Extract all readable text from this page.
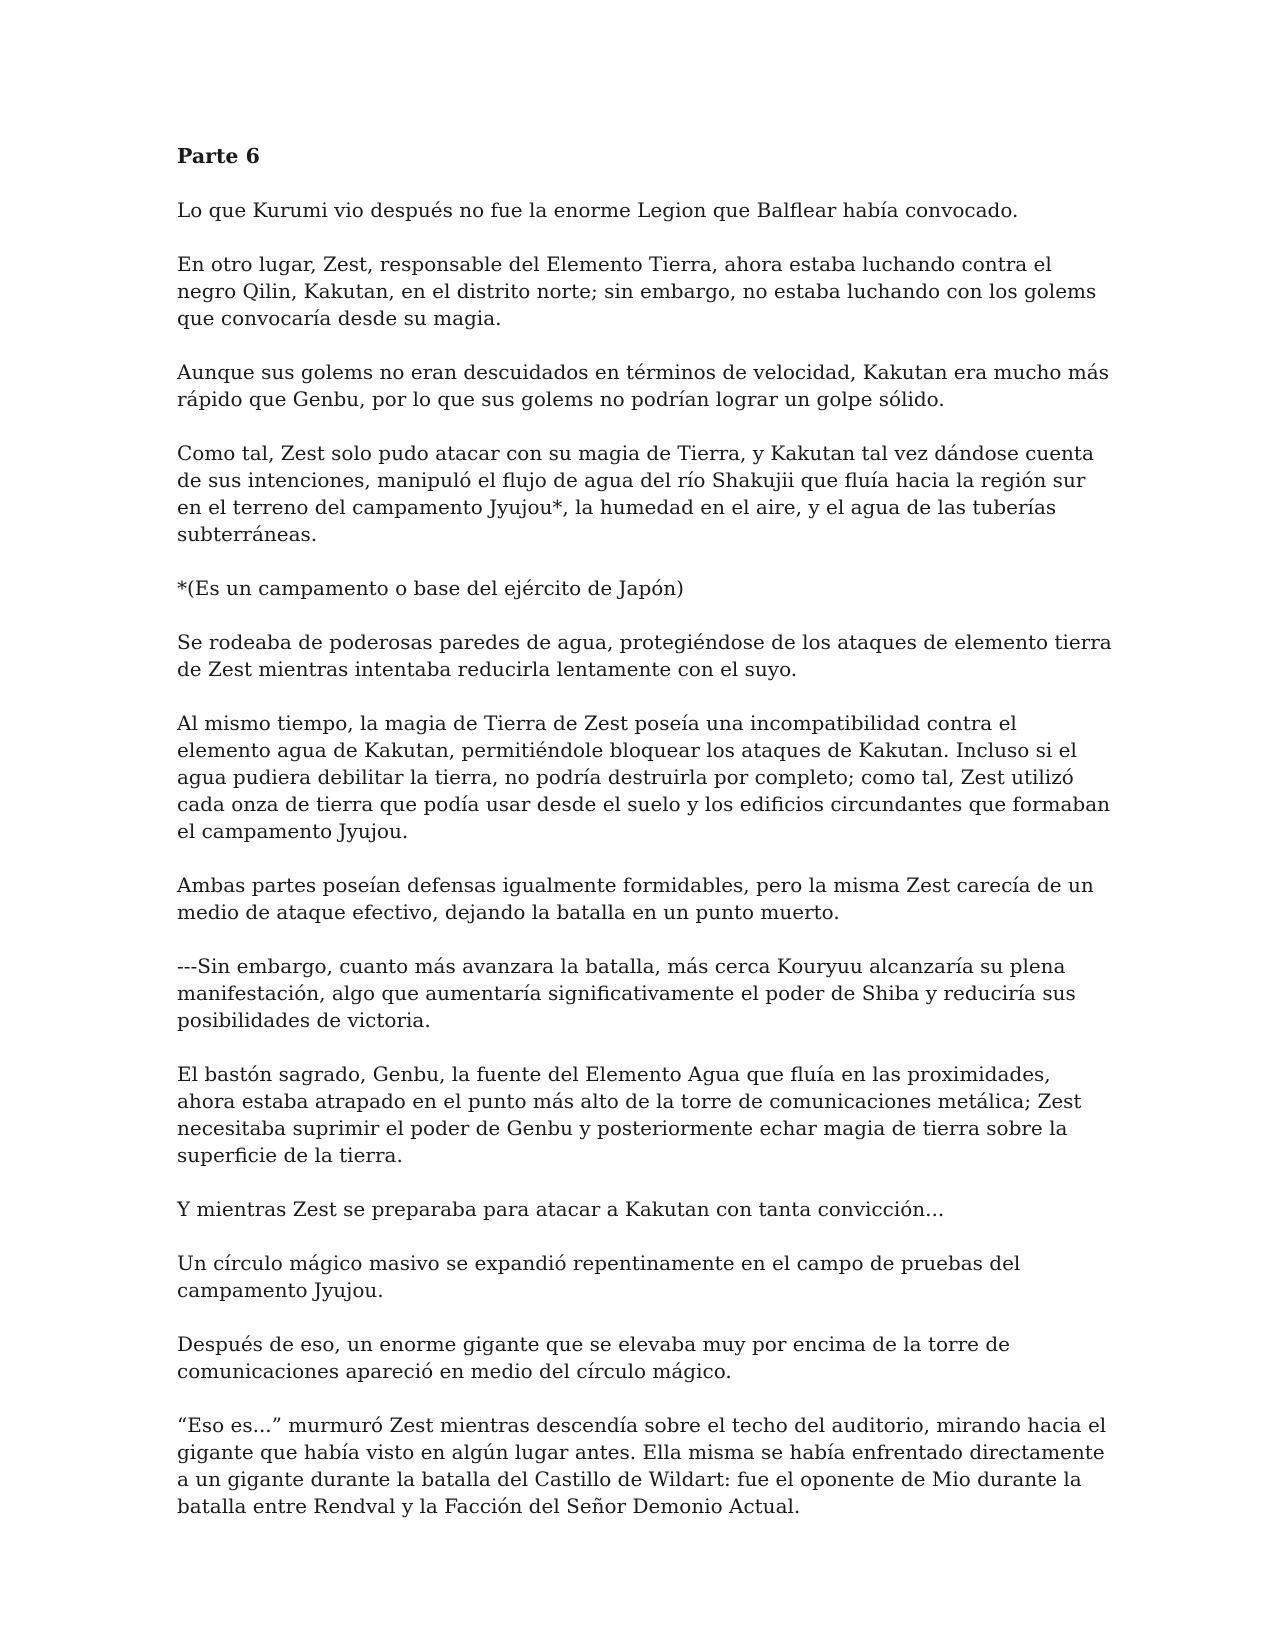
Parte 6

Lo que Kurumi vio después no fue la enorme Legion que Balflear había convocado.

En otro lugar, Zest, responsable del Elemento Tierra, ahora estaba luchando contra el negro Qilin, Kakutan, en el distrito norte; sin embargo, no estaba luchando con los golems que convocaría desde su magia.

Aunque sus golems no eran descuidados en términos de velocidad, Kakutan era mucho más rápido que Genbu, por lo que sus golems no podrían lograr un golpe sólido.

Como tal, Zest solo pudo atacar con su magia de Tierra, y Kakutan tal vez dándose cuenta de sus intenciones, manipuló el flujo de agua del río Shakujii que fluía hacia la región sur en el terreno del campamento Jyujou*, la humedad en el aire, y el agua de las tuberías subterráneas.

*(Es un campamento o base del ejército de Japón)

Se rodeaba de poderosas paredes de agua, protegiéndose de los ataques de elemento tierra de Zest mientras intentaba reducirla lentamente con el suyo.

Al mismo tiempo, la magia de Tierra de Zest poseía una incompatibilidad contra el elemento agua de Kakutan, permitiéndole bloquear los ataques de Kakutan. Incluso si el agua pudiera debilitar la tierra, no podría destruirla por completo; como tal, Zest utilizó cada onza de tierra que podía usar desde el suelo y los edificios circundantes que formaban el campamento Jyujou.

Ambas partes poseían defensas igualmente formidables, pero la misma Zest carecía de un medio de ataque efectivo, dejando la batalla en un punto muerto.

---Sin embargo, cuanto más avanzara la batalla, más cerca Kouryuu alcanzaría su plena manifestación, algo que aumentaría significativamente el poder de Shiba y reduciría sus posibilidades de victoria.

El bastón sagrado, Genbu, la fuente del Elemento Agua que fluía en las proximidades, ahora estaba atrapado en el punto más alto de la torre de comunicaciones metálica; Zest necesitaba suprimir el poder de Genbu y posteriormente echar magia de tierra sobre la superficie de la tierra.

Y mientras Zest se preparaba para atacar a Kakutan con tanta convicción...

Un círculo mágico masivo se expandió repentinamente en el campo de pruebas del campamento Jyujou.

Después de eso, un enorme gigante que se elevaba muy por encima de la torre de comunicaciones apareció en medio del círculo mágico.

“Eso es...” murmuró Zest mientras descendía sobre el techo del auditorio, mirando hacia el gigante que había visto en algún lugar antes. Ella misma se había enfrentado directamente a un gigante durante la batalla del Castillo de Wildart: fue el oponente de Mio durante la batalla entre Rendval y la Facción del Señor Demonio Actual.
